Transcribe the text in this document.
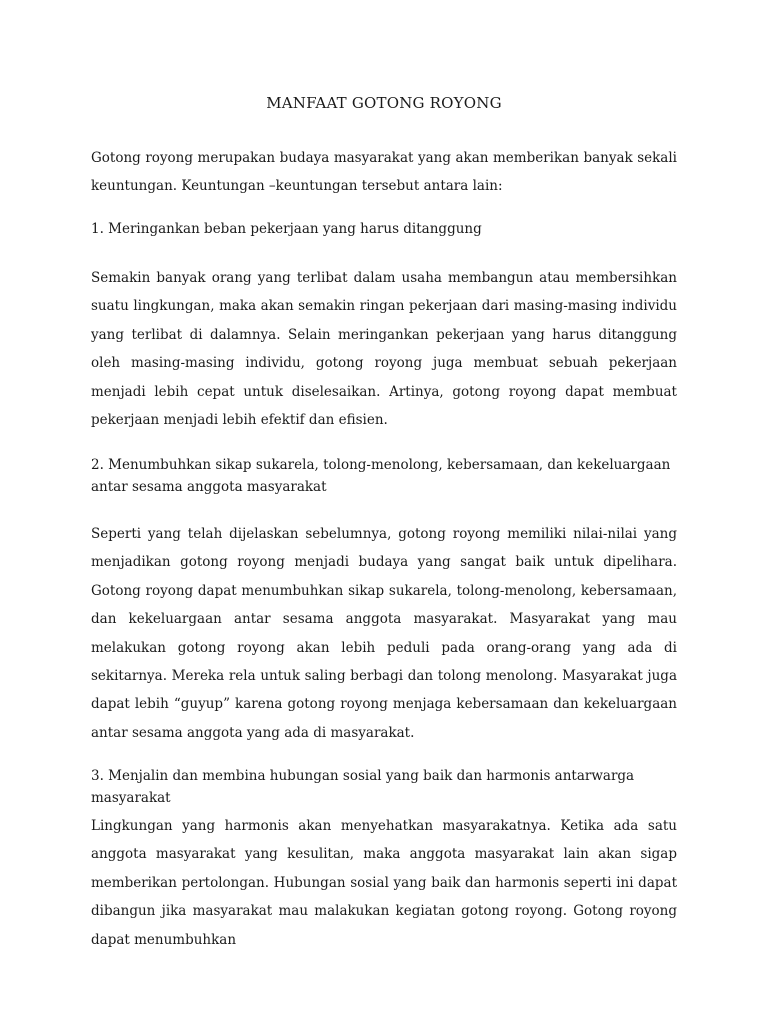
MANFAAT GOTONG ROYONG

Gotong royong merupakan budaya masyarakat yang akan memberikan banyak sekali keuntungan. Keuntungan –keuntungan tersebut antara lain:

1. Meringankan beban pekerjaan yang harus ditanggung

Semakin banyak orang yang terlibat dalam usaha membangun atau membersihkan suatu lingkungan, maka akan semakin ringan pekerjaan dari masing-masing individu yang terlibat di dalamnya. Selain meringankan pekerjaan yang harus ditanggung oleh masing-masing individu, gotong royong juga membuat sebuah pekerjaan menjadi lebih cepat untuk diselesaikan. Artinya, gotong royong dapat membuat pekerjaan menjadi lebih efektif dan efisien.

2. Menumbuhkan sikap sukarela, tolong-menolong, kebersamaan, dan kekeluargaan antar sesama anggota masyarakat

Seperti yang telah dijelaskan sebelumnya, gotong royong memiliki nilai-nilai yang menjadikan gotong royong menjadi budaya yang sangat baik untuk dipelihara. Gotong royong dapat menumbuhkan sikap sukarela, tolong-menolong, kebersamaan, dan kekeluargaan antar sesama anggota masyarakat. Masyarakat yang mau melakukan gotong royong akan lebih peduli pada orang-orang yang ada di sekitarnya. Mereka rela untuk saling berbagi dan tolong menolong. Masyarakat juga dapat lebih “guyup” karena gotong royong menjaga kebersamaan dan kekeluargaan antar sesama anggota yang ada di masyarakat.

3. Menjalin dan membina hubungan sosial yang baik dan harmonis antarwarga masyarakat

Lingkungan yang harmonis akan menyehatkan masyarakatnya. Ketika ada satu anggota masyarakat yang kesulitan, maka anggota masyarakat lain akan sigap memberikan pertolongan. Hubungan sosial yang baik dan harmonis seperti ini dapat dibangun jika masyarakat mau malakukan kegiatan gotong royong. Gotong royong dapat menumbuhkan
